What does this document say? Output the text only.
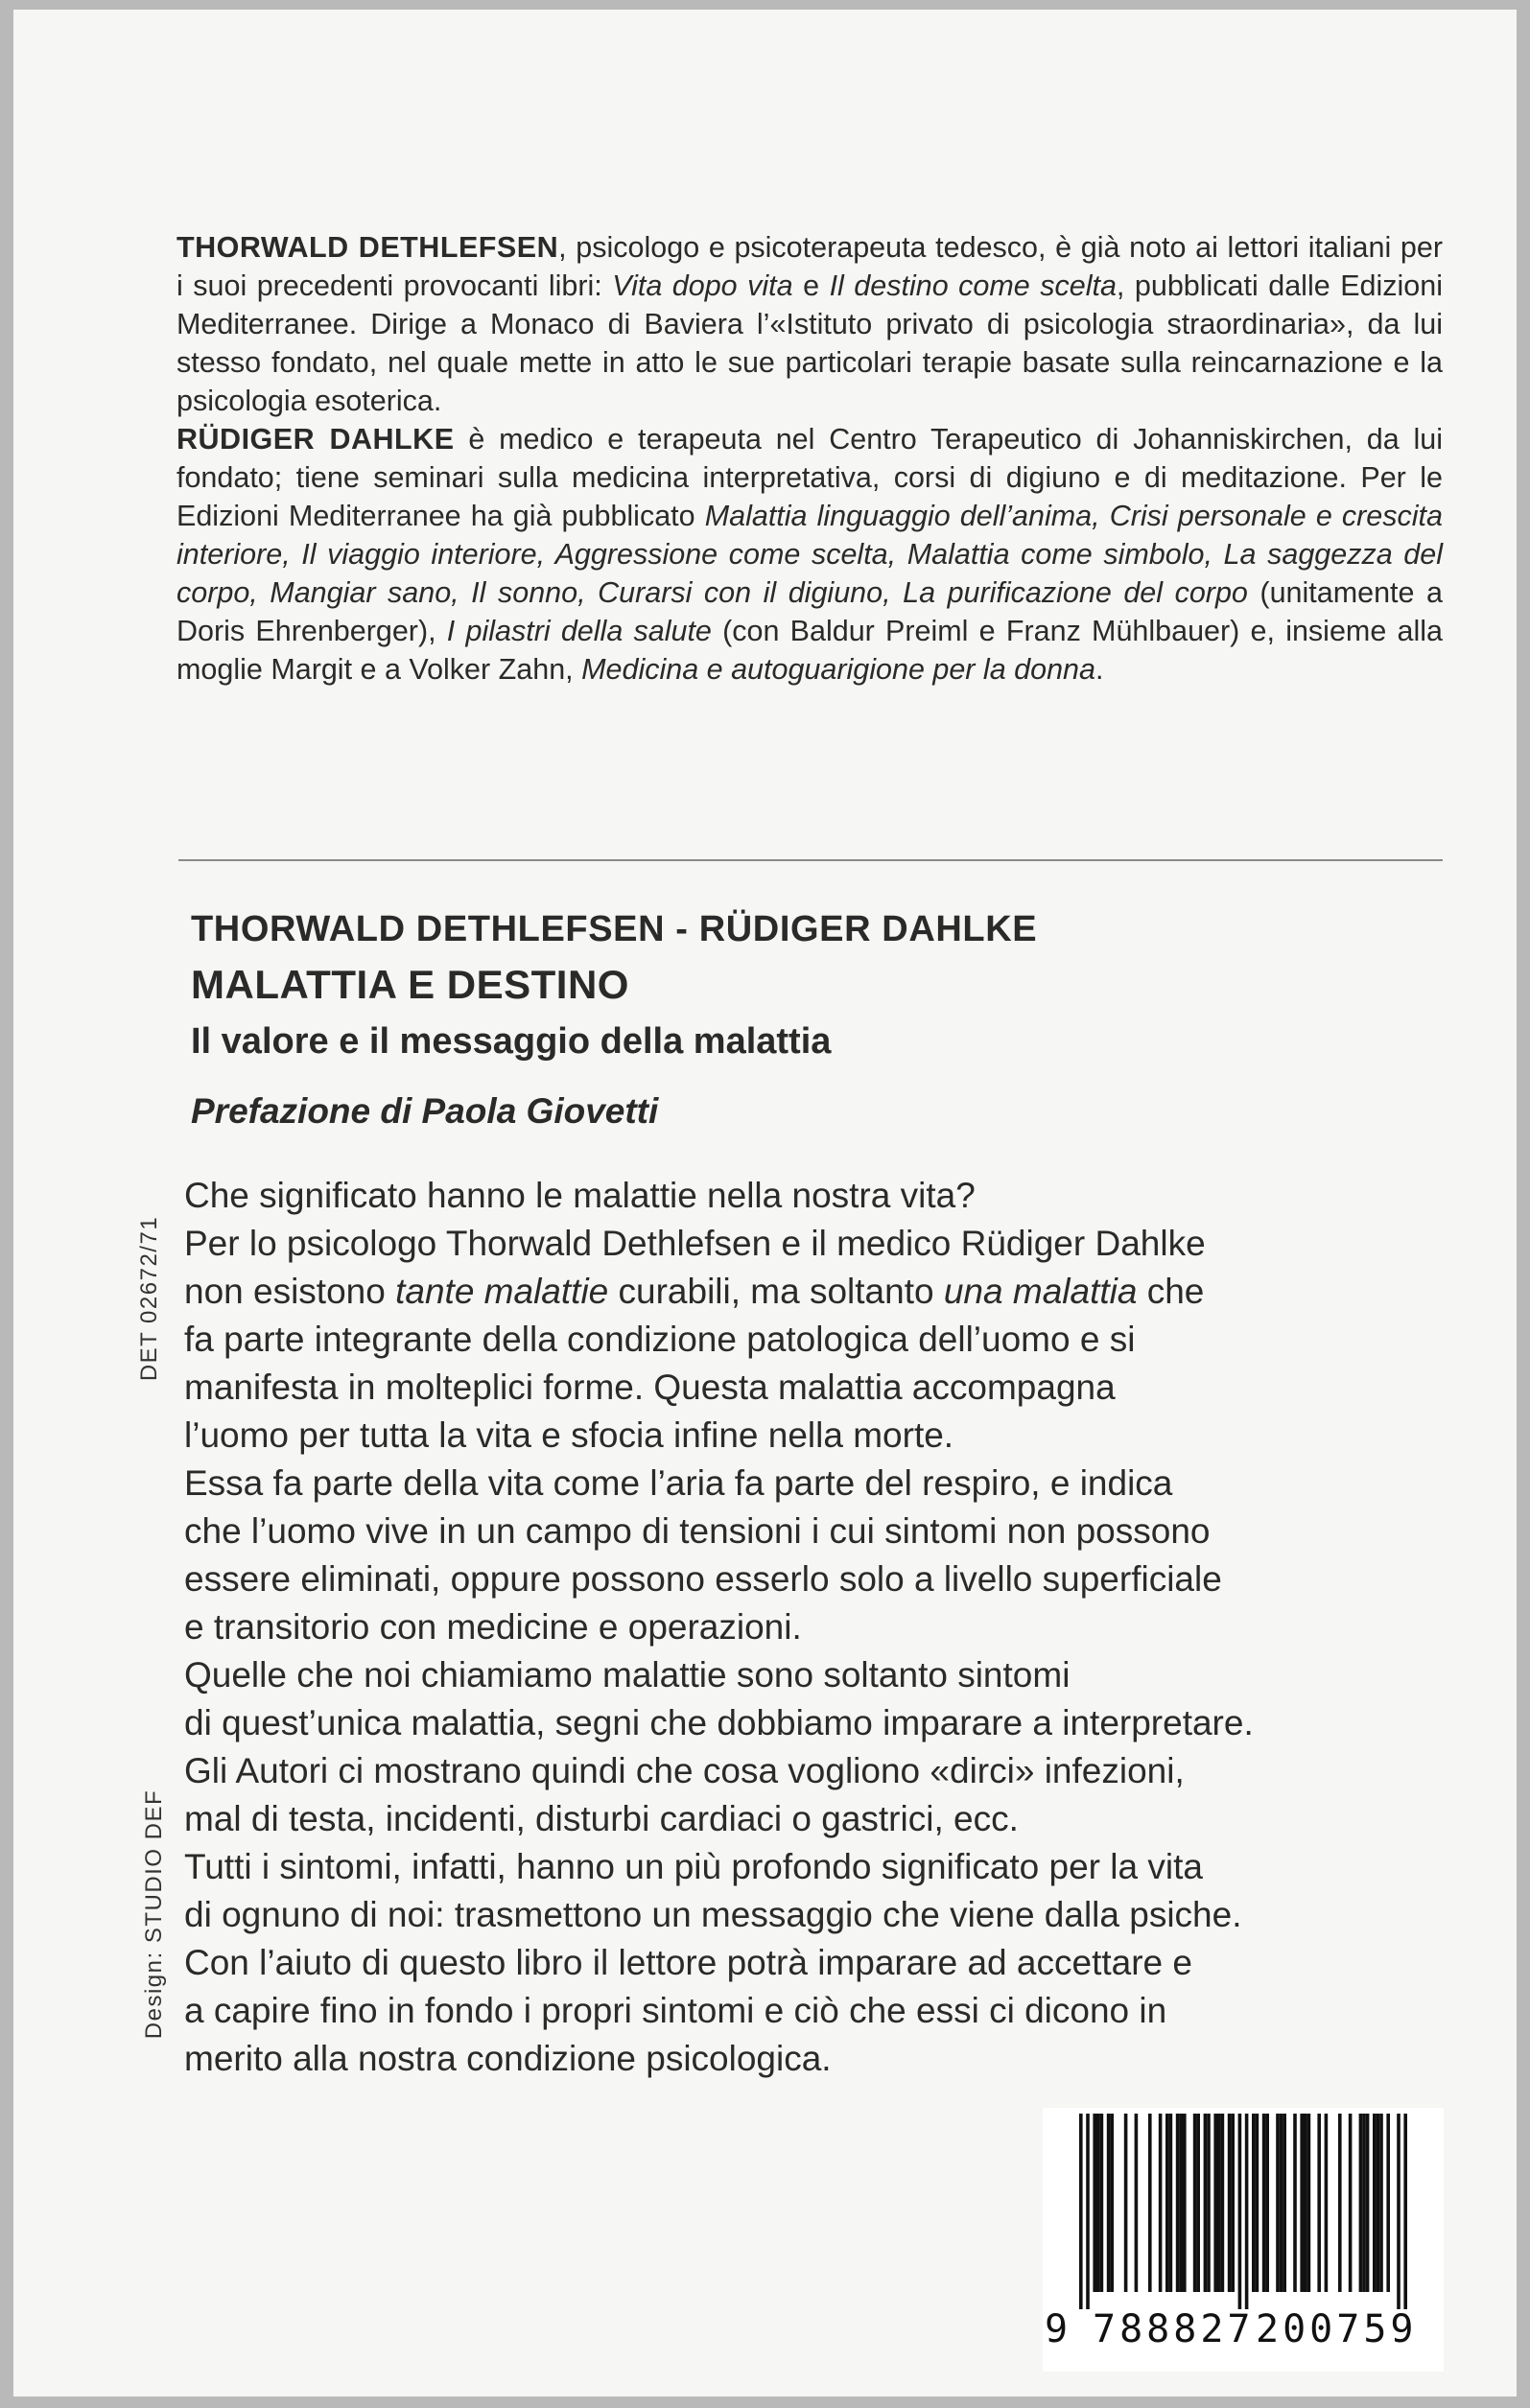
THORWALD DETHLEFSEN, psicologo e psicoterapeuta tedesco, è già noto ai lettori italiani per i suoi precedenti provocanti libri: Vita dopo vita e Il destino come scelta, pubblicati dalle Edizioni Mediterranee. Dirige a Monaco di Baviera l’«Istituto privato di psicologia straordinaria», da lui stesso fondato, nel quale mette in atto le sue particolari terapie basate sulla reincarnazione e la psicologia esoterica.

RÜDIGER DAHLKE è medico e terapeuta nel Centro Terapeutico di Johanniskirchen, da lui fondato; tiene seminari sulla medicina interpretativa, corsi di digiuno e di meditazione. Per le Edizioni Mediterranee ha già pubblicato Malattia linguaggio dell’anima, Crisi personale e crescita interiore, Il viaggio interiore, Aggressione come scelta, Malattia come simbolo, La saggezza del corpo, Mangiar sano, Il sonno, Curarsi con il digiuno, La purificazione del corpo (unitamente a Doris Ehrenberger), I pilastri della salute (con Baldur Preiml e Franz Mühlbauer) e, insieme alla moglie Margit e a Volker Zahn, Medicina e autoguarigione per la donna.

THORWALD DETHLEFSEN - RÜDIGER DAHLKE
MALATTIA E DESTINO
Il valore e il messaggio della malattia
Prefazione di Paola Giovetti
Che significato hanno le malattie nella nostra vita?
Per lo psicologo Thorwald Dethlefsen e il medico Rüdiger Dahlke
non esistono tante malattie curabili, ma soltanto una malattia che
fa parte integrante della condizione patologica dell’uomo e si
manifesta in molteplici forme. Questa malattia accompagna
l’uomo per tutta la vita e sfocia infine nella morte.
Essa fa parte della vita come l’aria fa parte del respiro, e indica
che l’uomo vive in un campo di tensioni i cui sintomi non possono
essere eliminati, oppure possono esserlo solo a livello superficiale
e transitorio con medicine e operazioni.
Quelle che noi chiamiamo malattie sono soltanto sintomi
di quest’unica malattia, segni che dobbiamo imparare a interpretare.
Gli Autori ci mostrano quindi che cosa vogliono «dirci» infezioni,
mal di testa, incidenti, disturbi cardiaci o gastrici, ecc.
Tutti i sintomi, infatti, hanno un più profondo significato per la vita
di ognuno di noi: trasmettono un messaggio che viene dalla psiche.
Con l’aiuto di questo libro il lettore potrà imparare ad accettare e
a capire fino in fondo i propri sintomi e ciò che essi ci dicono in
merito alla nostra condizione psicologica.
DET 02672/71
Design: STUDIO DEF
9 788827 200759
